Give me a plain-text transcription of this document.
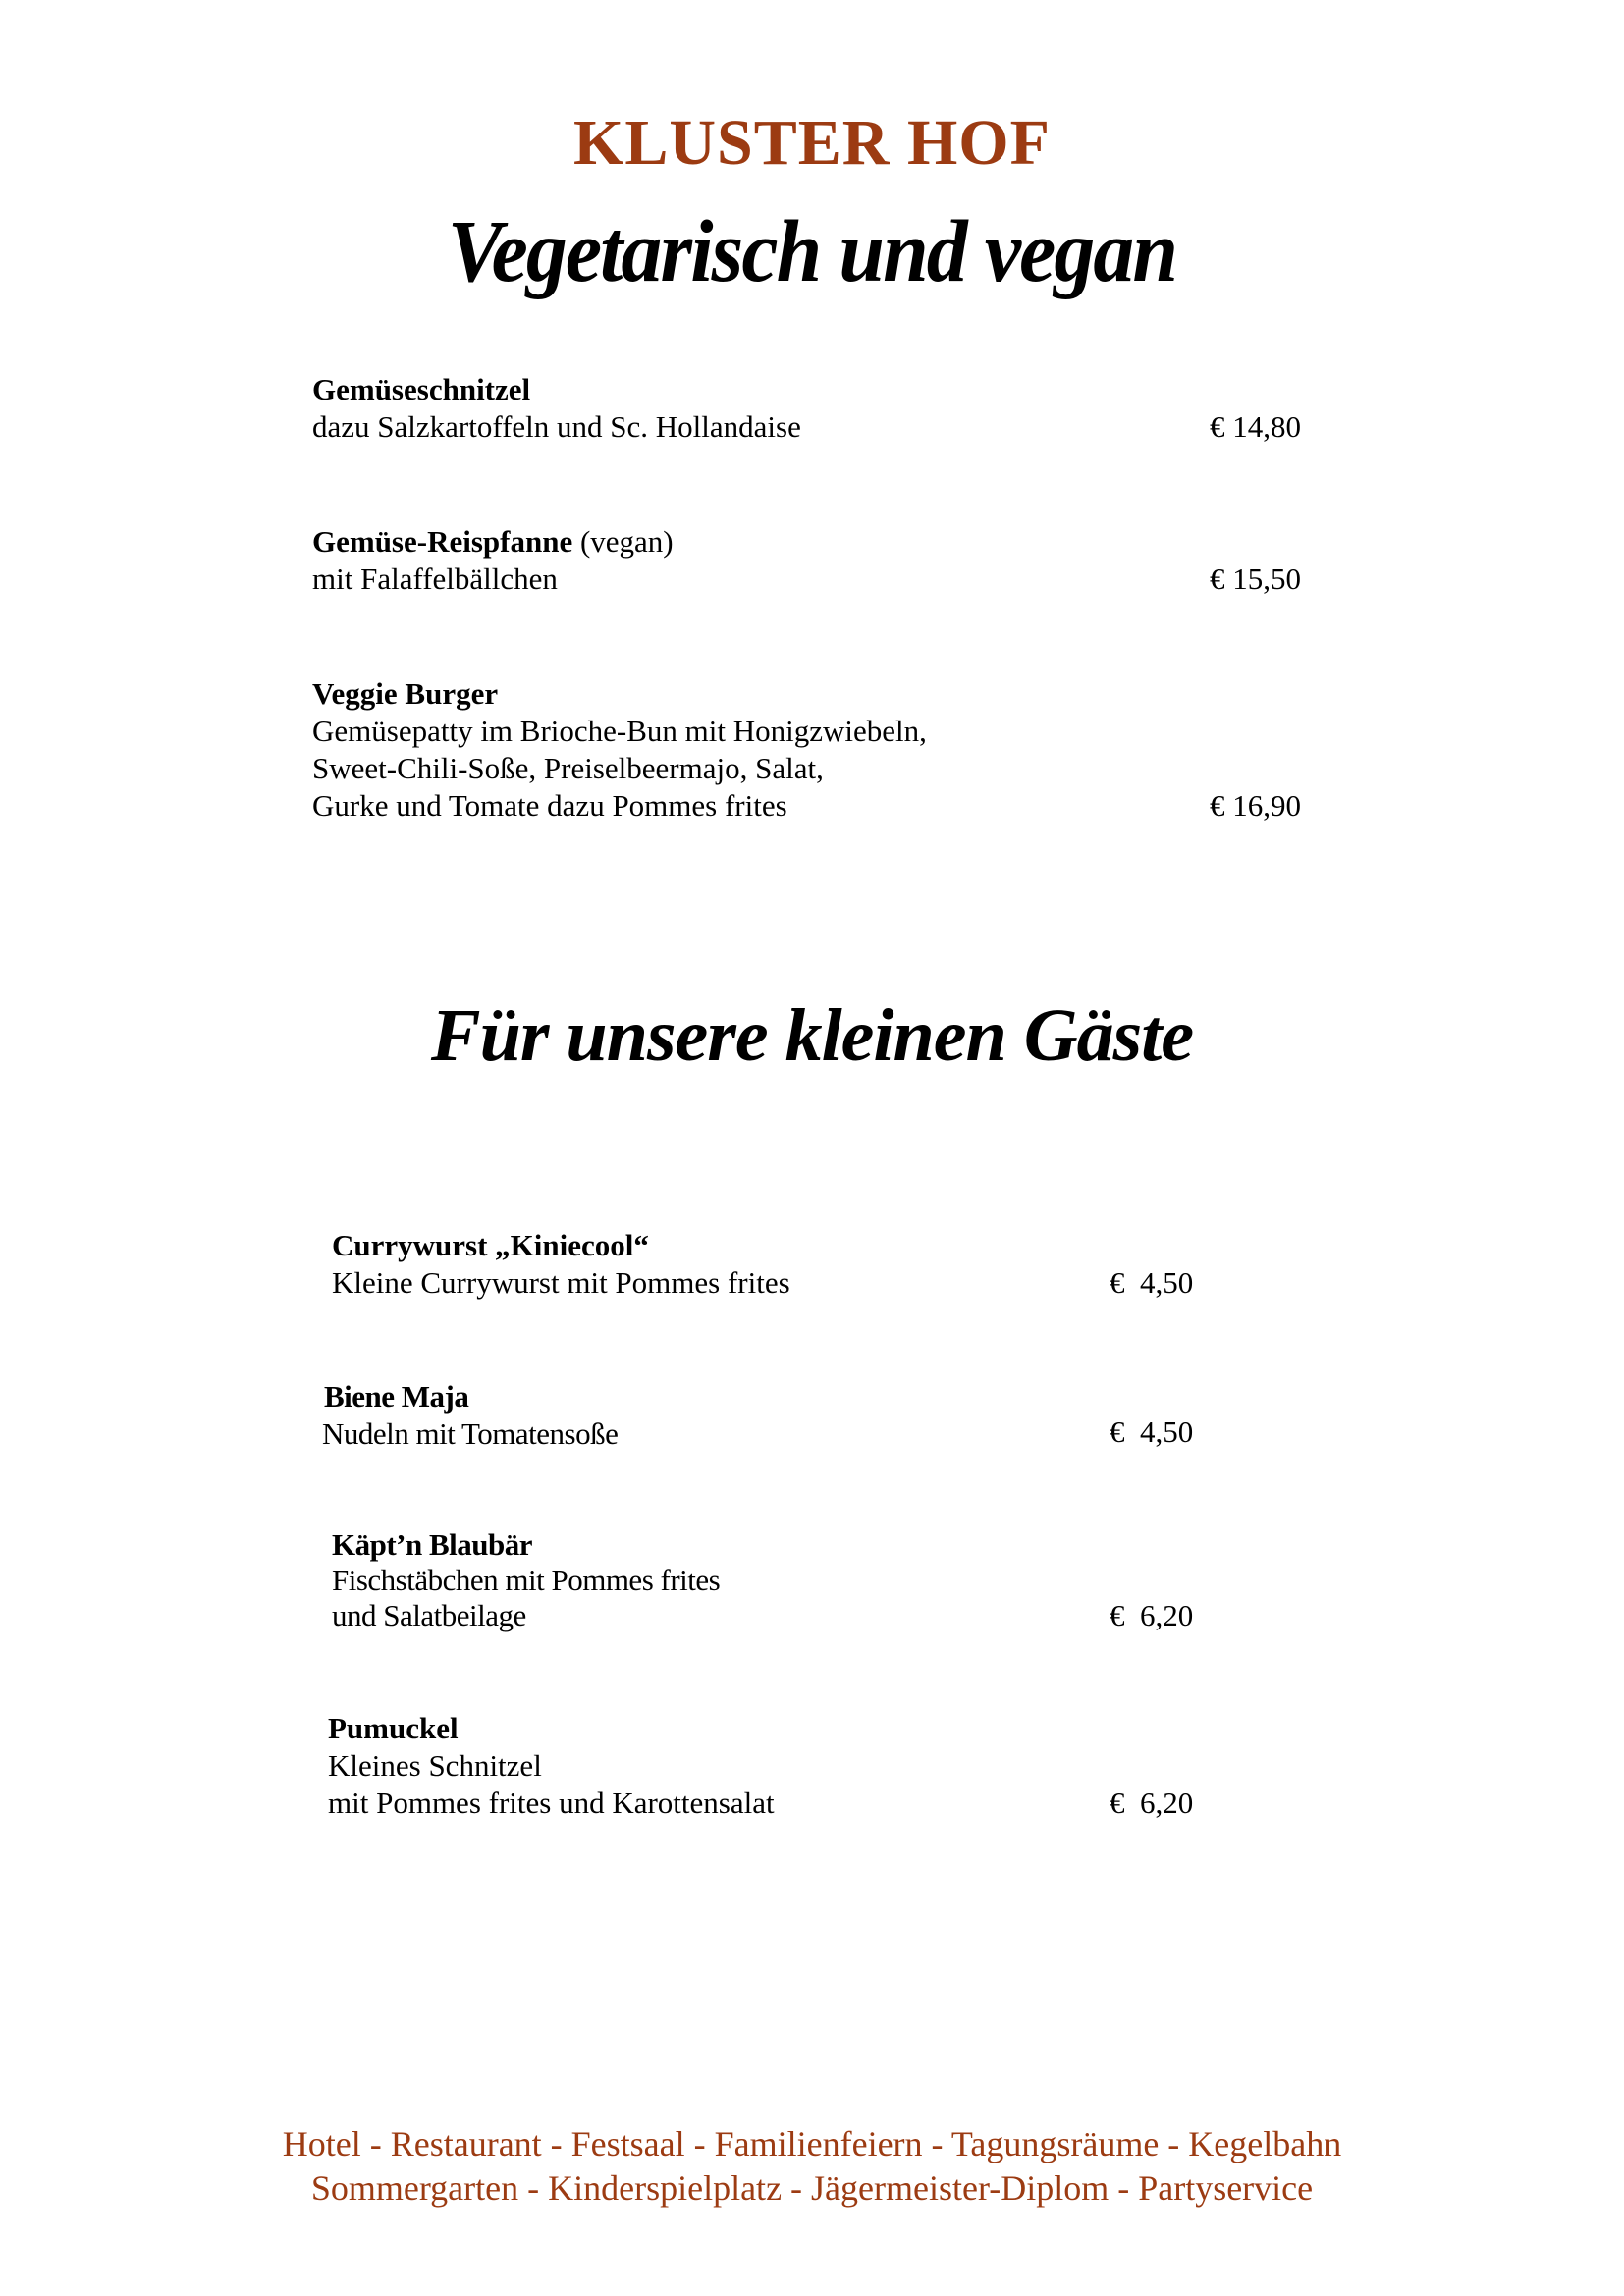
KLUSTER HOF
Vegetarisch und vegan
Gemüseschnitzel
dazu Salzkartoffeln und Sc. Hollandaise	€ 14,80
Gemüse-Reispfanne (vegan)
mit Falaffelbällchen	€ 15,50
Veggie Burger
Gemüsepatty im Brioche-Bun mit Honigzwiebeln,
Sweet-Chili-Soße, Preiselbeermajo, Salat,
Gurke und Tomate dazu Pommes frites	€ 16,90
Für unsere kleinen Gäste
Currywurst „Kiniecool“
Kleine Currywurst mit Pommes frites	€  4,50
Biene Maja
Nudeln mit Tomatensoße	€  4,50
Käpt’n Blaubär
Fischstäbchen mit Pommes frites
und Salatbeilage	€  6,20
Pumuckel
Kleines Schnitzel
mit Pommes frites und Karottensalat	€  6,20
Hotel - Restaurant - Festsaal - Familienfeiern - Tagungsräume - Kegelbahn
Sommergarten - Kinderspielplatz - Jägermeister-Diplom - Partyservice
